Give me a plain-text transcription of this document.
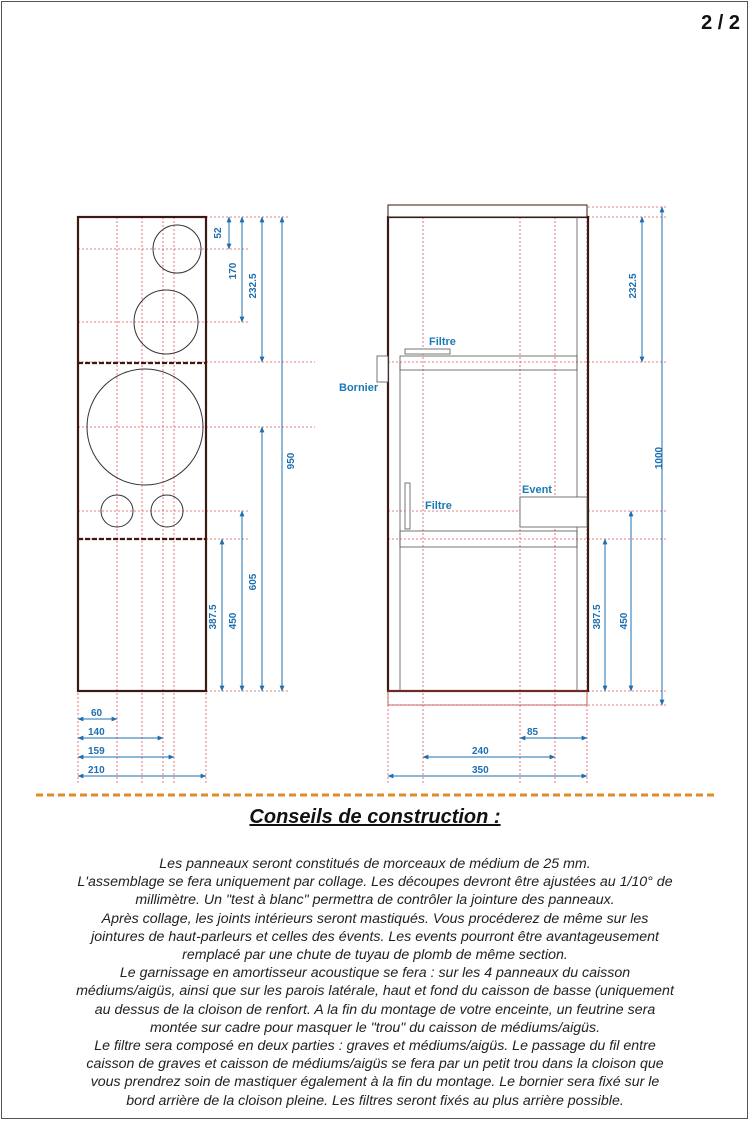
2 / 2
52
170
232.5
950
605
450
387.5
60
140
159
210
Filtre
Bornier
Filtre
Event
232.5
1000
387.5 450
85
240
350
Conseils de construction :
Les panneaux seront constitués de morceaux de médium de 25 mm.
L'assemblage se fera uniquement par collage. Les découpes devront être ajustées au 1/10° de
millimètre. Un "test à blanc" permettra de contrôler la jointure des panneaux.
Après collage, les joints intérieurs seront mastiqués. Vous procéderez de même sur les
jointures de haut-parleurs et celles des évents. Les events pourront être avantageusement
remplacé par une chute de tuyau de plomb de même section.
Le garnissage en amortisseur acoustique se fera : sur les 4 panneaux du caisson
médiums/aigüs, ainsi que sur les parois latérale, haut et fond du caisson de basse (uniquement
au dessus de la cloison de renfort. A la fin du montage de votre enceinte, un feutrine sera
montée sur cadre pour masquer le "trou" du caisson de médiums/aigüs.
Le filtre sera composé en deux parties : graves et médiums/aigüs. Le passage du fil entre
caisson de graves et caisson de médiums/aigüs se fera par un petit trou dans la cloison que
vous prendrez soin de mastiquer également à la fin du montage. Le bornier sera fixé sur le
bord arrière de la cloison pleine. Les filtres seront fixés au plus arrière possible.
